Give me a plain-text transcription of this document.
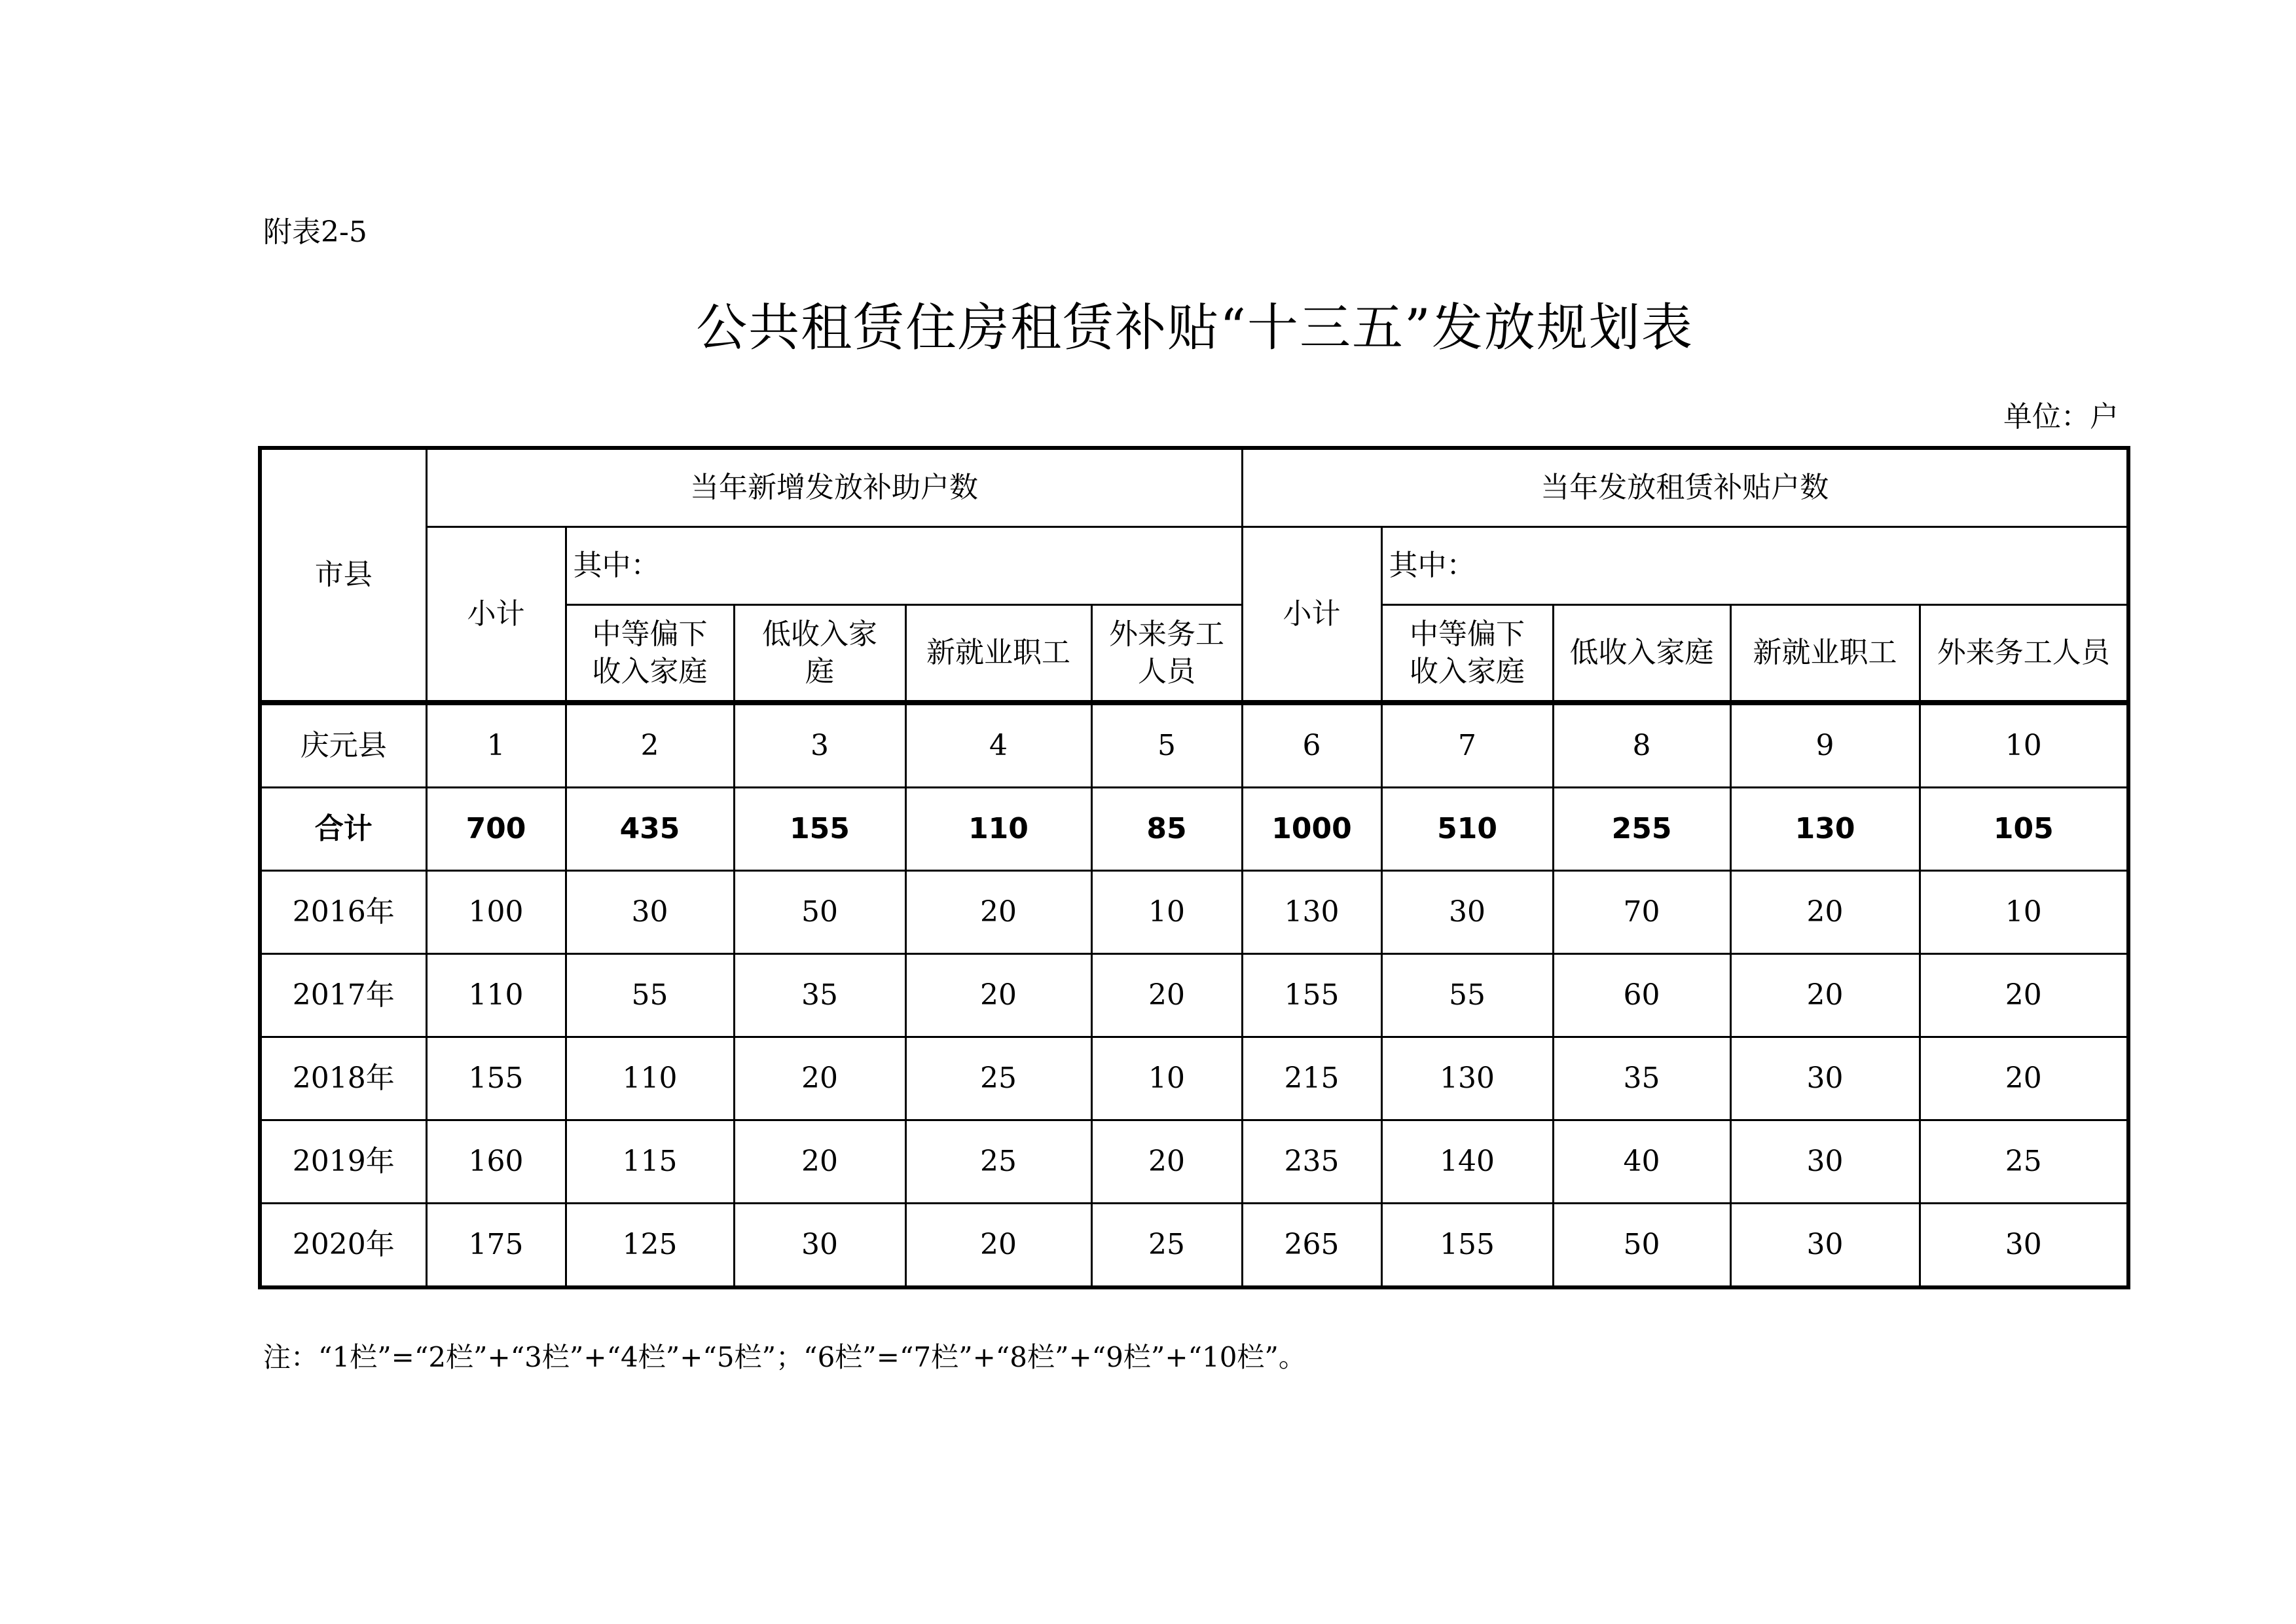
附表2-5
公共租赁住房租赁补贴“十三五”发放规划表
单位：户
市县	当年新增发放补助户数					当年发放租赁补贴户数				
	小计	其中：				小计	其中：			
		中等偏下收入家庭	低收入家庭	新就业职工	外来务工人员		中等偏下收入家庭	低收入家庭	新就业职工	外来务工人员
庆元县	1	2	3	4	5	6	7	8	9	10
合计	700	435	155	110	85	1000	510	255	130	105
2016年	100	30	50	20	10	130	30	70	20	10
2017年	110	55	35	20	20	155	55	60	20	20
2018年	155	110	20	25	10	215	130	35	30	20
2019年	160	115	20	25	20	235	140	40	30	25
2020年	175	125	30	20	25	265	155	50	30	30
注：“1栏”=“2栏”+“3栏”+“4栏”+“5栏”；“6栏”=“7栏”+“8栏”+“9栏”+“10栏”。
